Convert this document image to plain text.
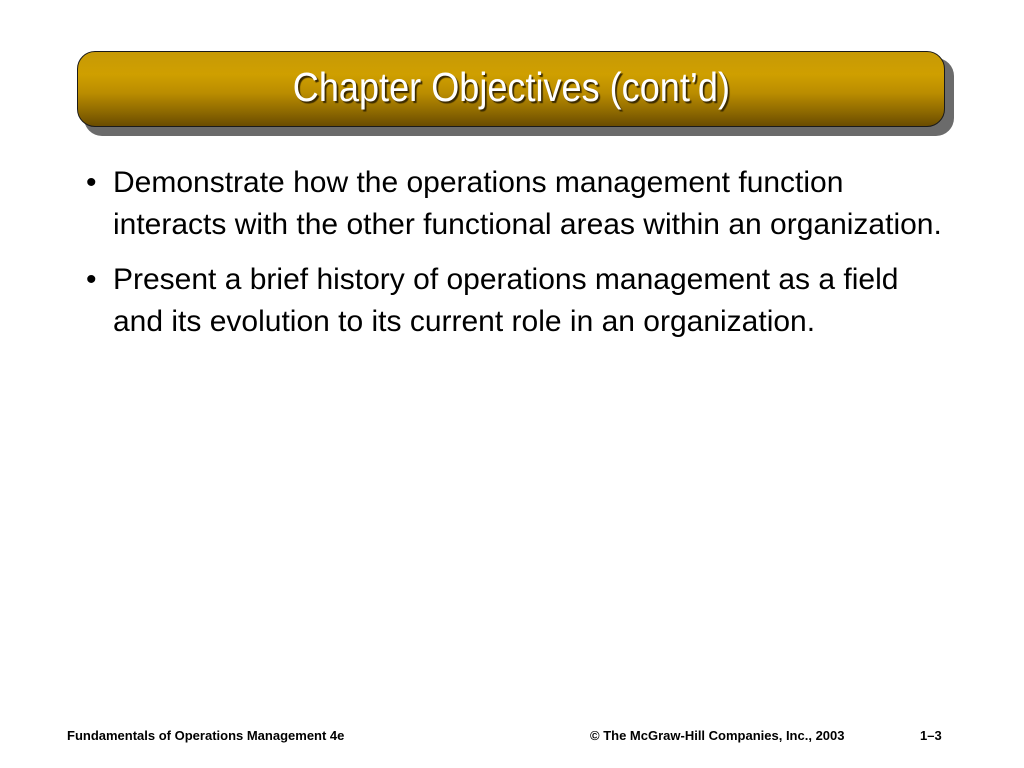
Chapter Objectives (cont’d)
• Demonstrate how the operations management function interacts with the other functional areas within an organization.
• Present a brief history of operations management as a field and its evolution to its current role in an organization.
Fundamentals of Operations Management 4e	© The McGraw-Hill Companies, Inc., 2003	1–3
